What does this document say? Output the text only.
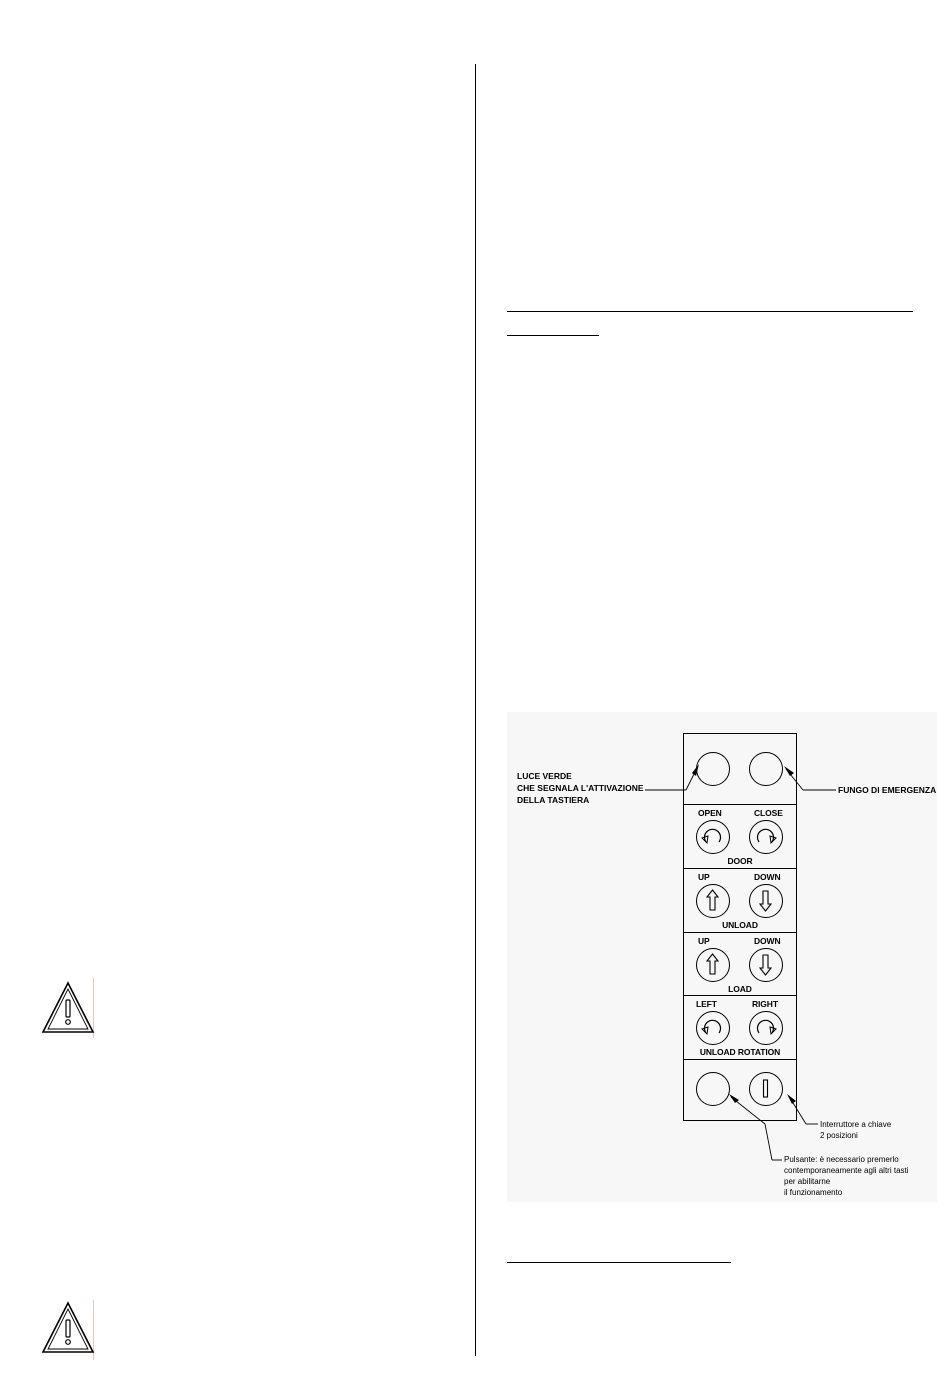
OPEN	CLOSE
DOOR
UP	DOWN
UNLOAD
UP	DOWN
LOAD
LEFT	RIGHT
UNLOAD ROTATION
LUCE VERDE
CHE SEGNALA L'ATTIVAZIONE
DELLA TASTIERA
FUNGO DI EMERGENZA
Interruttore a chiave
2 posizioni
Pulsante: è necessario premerlo
contemporaneamente agli altri tasti
per abilitarne
il funzionamento
